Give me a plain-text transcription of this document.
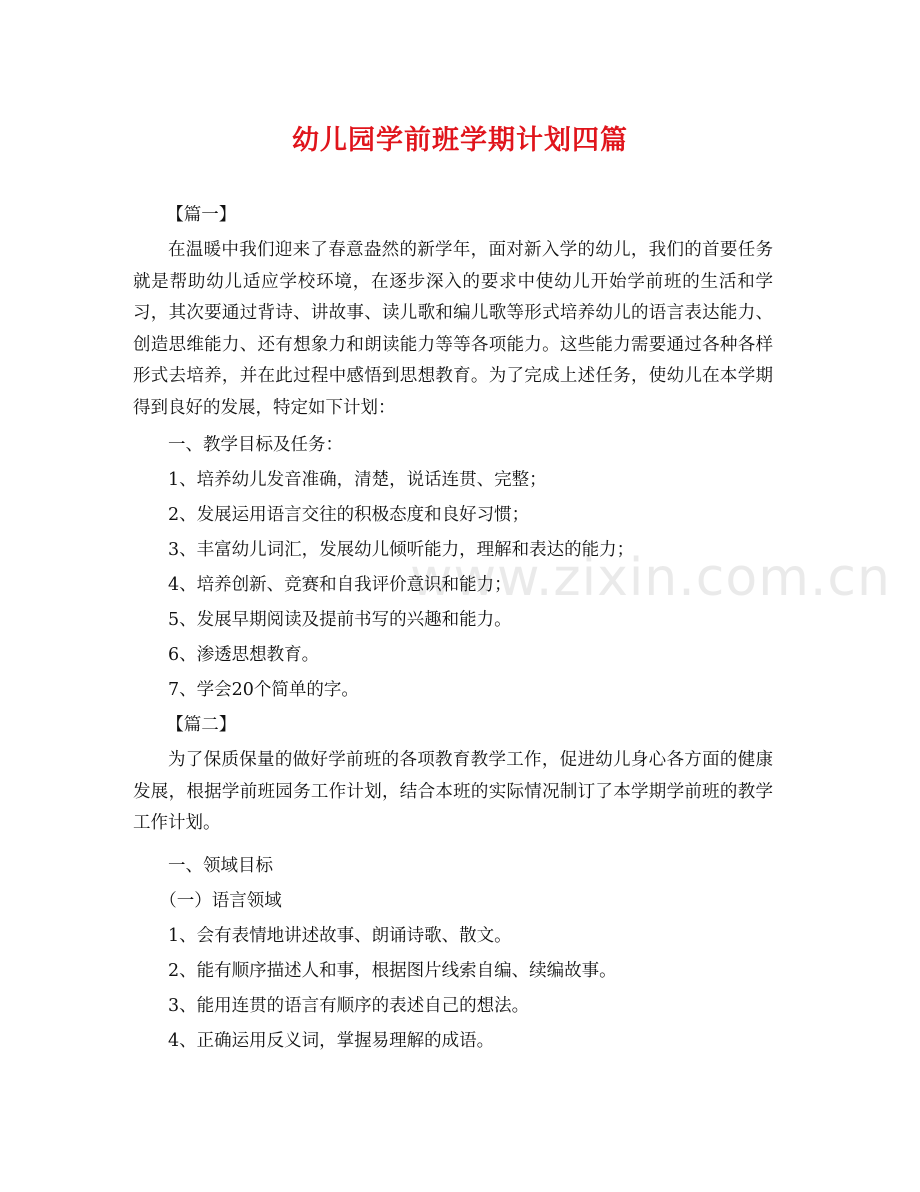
幼儿园学前班学期计划四篇
www.zixin.com.cn

【篇一】

在温暖中我们迎来了春意盎然的新学年，面对新入学的幼儿，我们的首要任务就是帮助幼儿适应学校环境，在逐步深入的要求中使幼儿开始学前班的生活和学习，其次要通过背诗、讲故事、读儿歌和编儿歌等形式培养幼儿的语言表达能力、创造思维能力、还有想象力和朗读能力等等各项能力。这些能力需要通过各种各样形式去培养，并在此过程中感悟到思想教育。为了完成上述任务，使幼儿在本学期得到良好的发展，特定如下计划：

一、教学目标及任务：

1、培养幼儿发音准确，清楚，说话连贯、完整；

2、发展运用语言交往的积极态度和良好习惯；

3、丰富幼儿词汇，发展幼儿倾听能力，理解和表达的能力；

4、培养创新、竞赛和自我评价意识和能力；

5、发展早期阅读及提前书写的兴趣和能力。

6、渗透思想教育。

7、学会20个简单的字。

【篇二】

为了保质保量的做好学前班的各项教育教学工作，促进幼儿身心各方面的健康发展，根据学前班园务工作计划，结合本班的实际情况制订了本学期学前班的教学工作计划。

一、领域目标

（一）语言领域

1、会有表情地讲述故事、朗诵诗歌、散文。

2、能有顺序描述人和事，根据图片线索自编、续编故事。

3、能用连贯的语言有顺序的表述自己的想法。

4、正确运用反义词，掌握易理解的成语。
